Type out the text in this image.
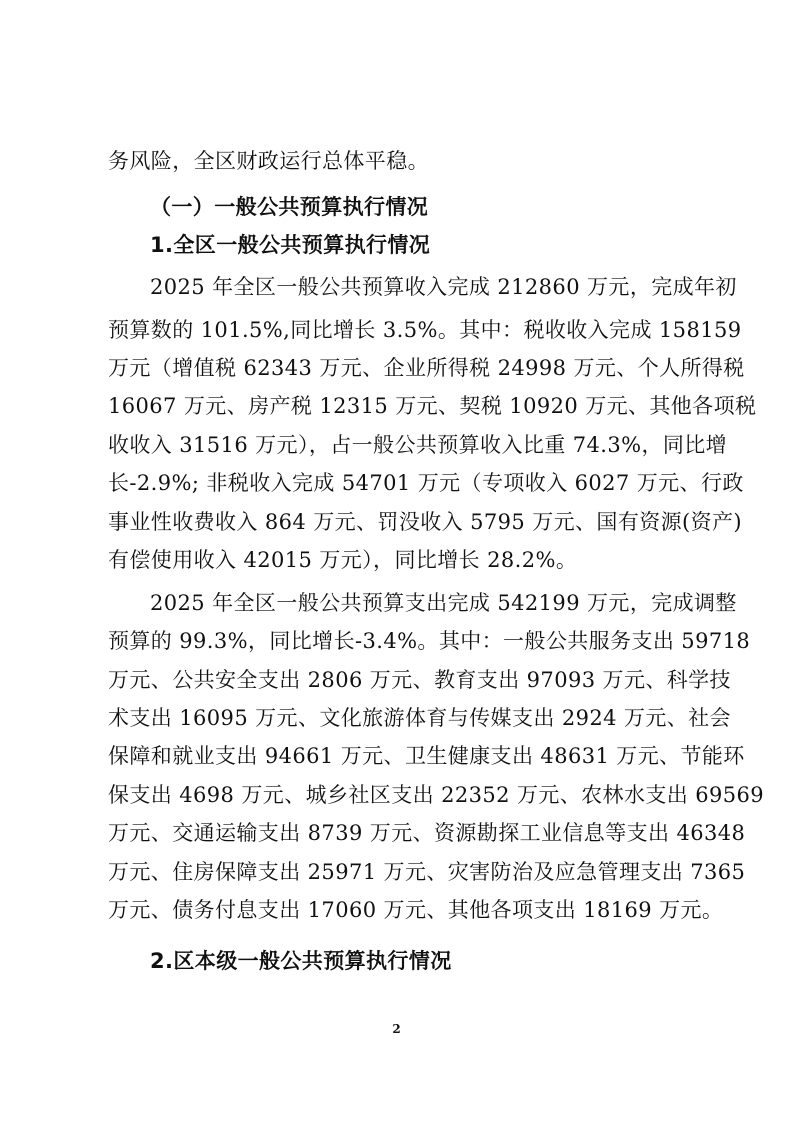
务风险，全区财政运行总体平稳。
（一）一般公共预算执行情况
1.全区一般公共预算执行情况
2025 年全区一般公共预算收入完成 212860 万元，完成年初
预算数的 101.5%,同比增长 3.5%。其中：税收收入完成 158159
万元（增值税 62343 万元、企业所得税 24998 万元、个人所得税
16067 万元、房产税 12315 万元、契税 10920 万元、其他各项税
收收入 31516 万元），占一般公共预算收入比重 74.3%，同比增
长-2.9%; 非税收入完成 54701 万元（专项收入 6027 万元、行政
事业性收费收入 864 万元、罚没收入 5795 万元、国有资源(资产)
有偿使用收入 42015 万元），同比增长 28.2%。
2025 年全区一般公共预算支出完成 542199 万元，完成调整
预算的 99.3%，同比增长-3.4%。其中：一般公共服务支出 59718
万元、公共安全支出 2806 万元、教育支出 97093 万元、科学技
术支出 16095 万元、文化旅游体育与传媒支出 2924 万元、社会
保障和就业支出 94661 万元、卫生健康支出 48631 万元、节能环
保支出 4698 万元、城乡社区支出 22352 万元、农林水支出 69569
万元、交通运输支出 8739 万元、资源勘探工业信息等支出 46348
万元、住房保障支出 25971 万元、灾害防治及应急管理支出 7365
万元、债务付息支出 17060 万元、其他各项支出 18169 万元。
2.区本级一般公共预算执行情况
2
